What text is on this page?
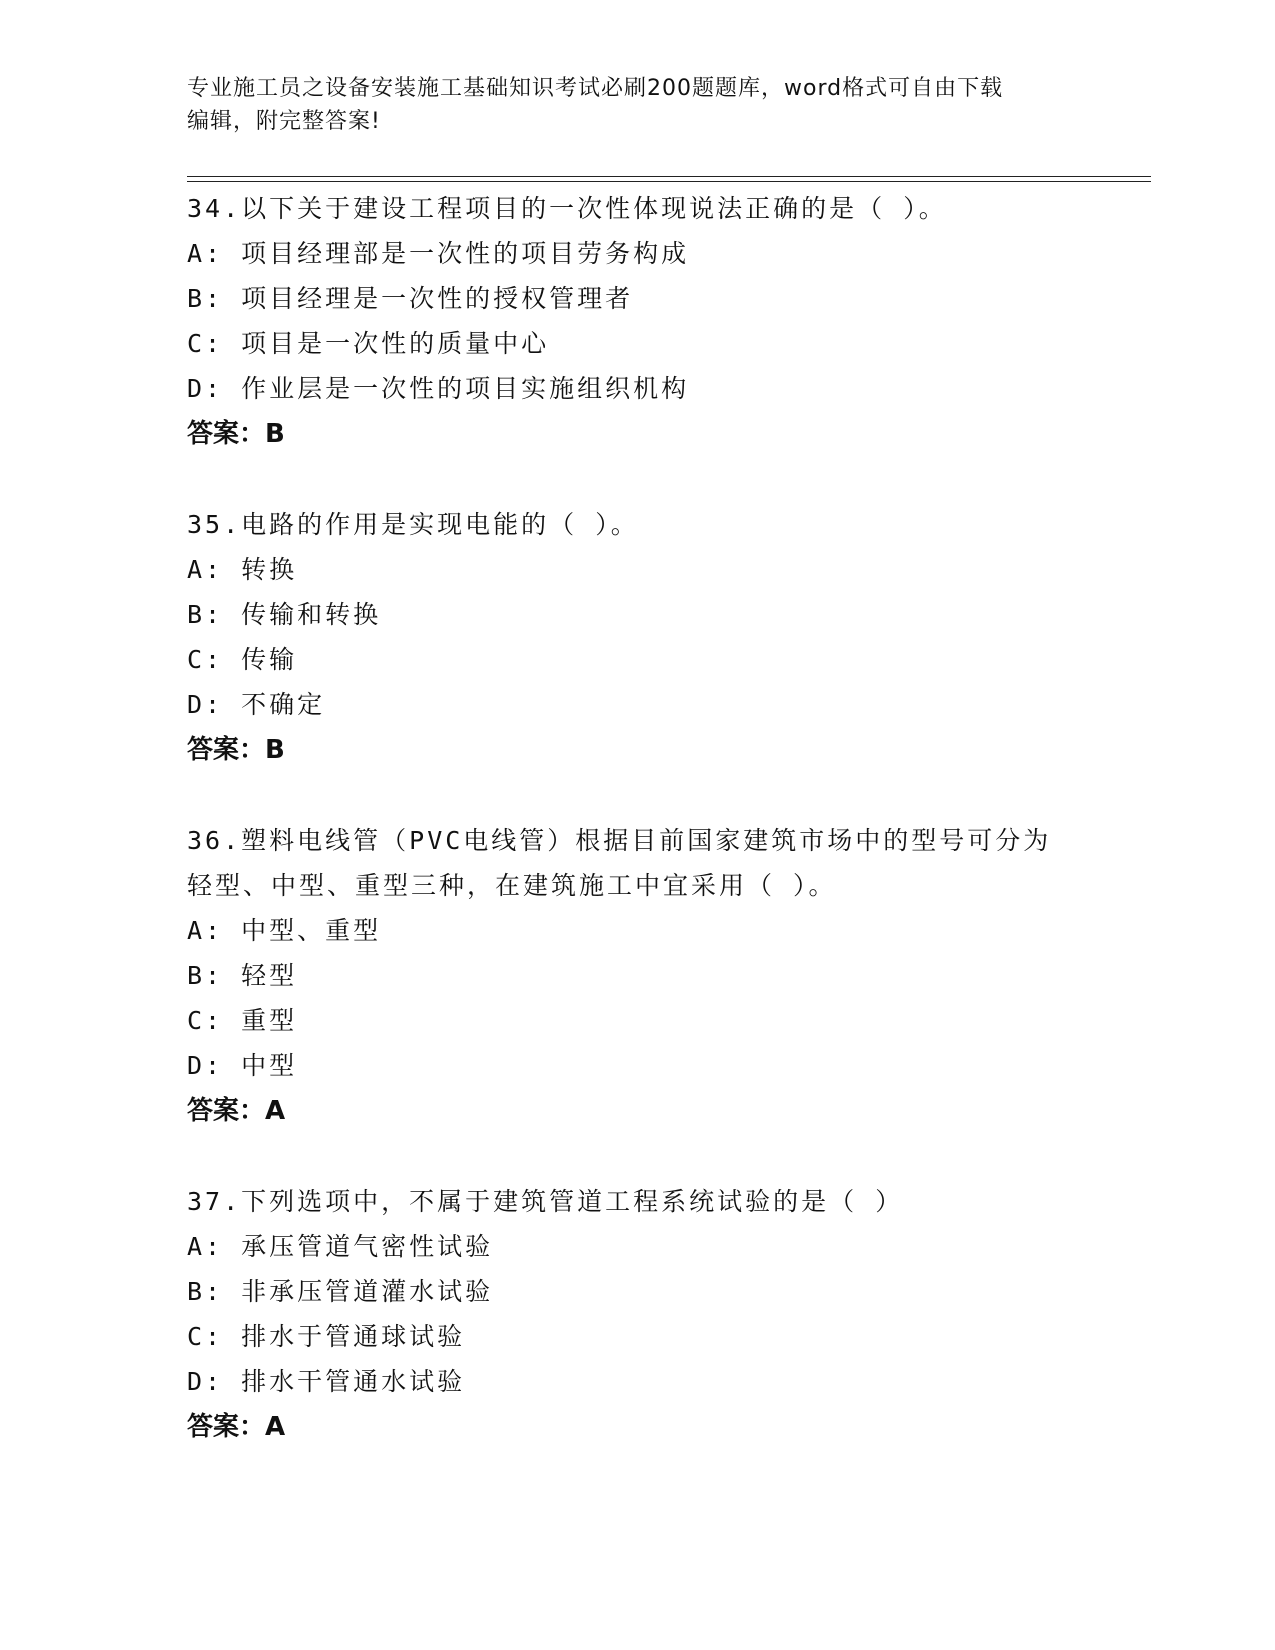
专业施工员之设备安装施工基础知识考试必刷200题题库，word格式可自由下载
编辑，附完整答案!

34.以下关于建设工程项目的一次性体现说法正确的是（ ）。

A: 项目经理部是一次性的项目劳务构成

B: 项目经理是一次性的授权管理者

C: 项目是一次性的质量中心

D: 作业层是一次性的项目实施组织机构

答案：B

35.电路的作用是实现电能的（ ）。

A: 转换

B: 传输和转换

C: 传输

D: 不确定

答案：B

36.塑料电线管（PVC电线管）根据目前国家建筑市场中的型号可分为

轻型、中型、重型三种，在建筑施工中宜采用（ ）。

A: 中型、重型

B: 轻型

C: 重型

D: 中型

答案：A

37.下列选项中，不属于建筑管道工程系统试验的是（ ）

A: 承压管道气密性试验

B: 非承压管道灌水试验

C: 排水于管通球试验

D: 排水干管通水试验

答案：A
